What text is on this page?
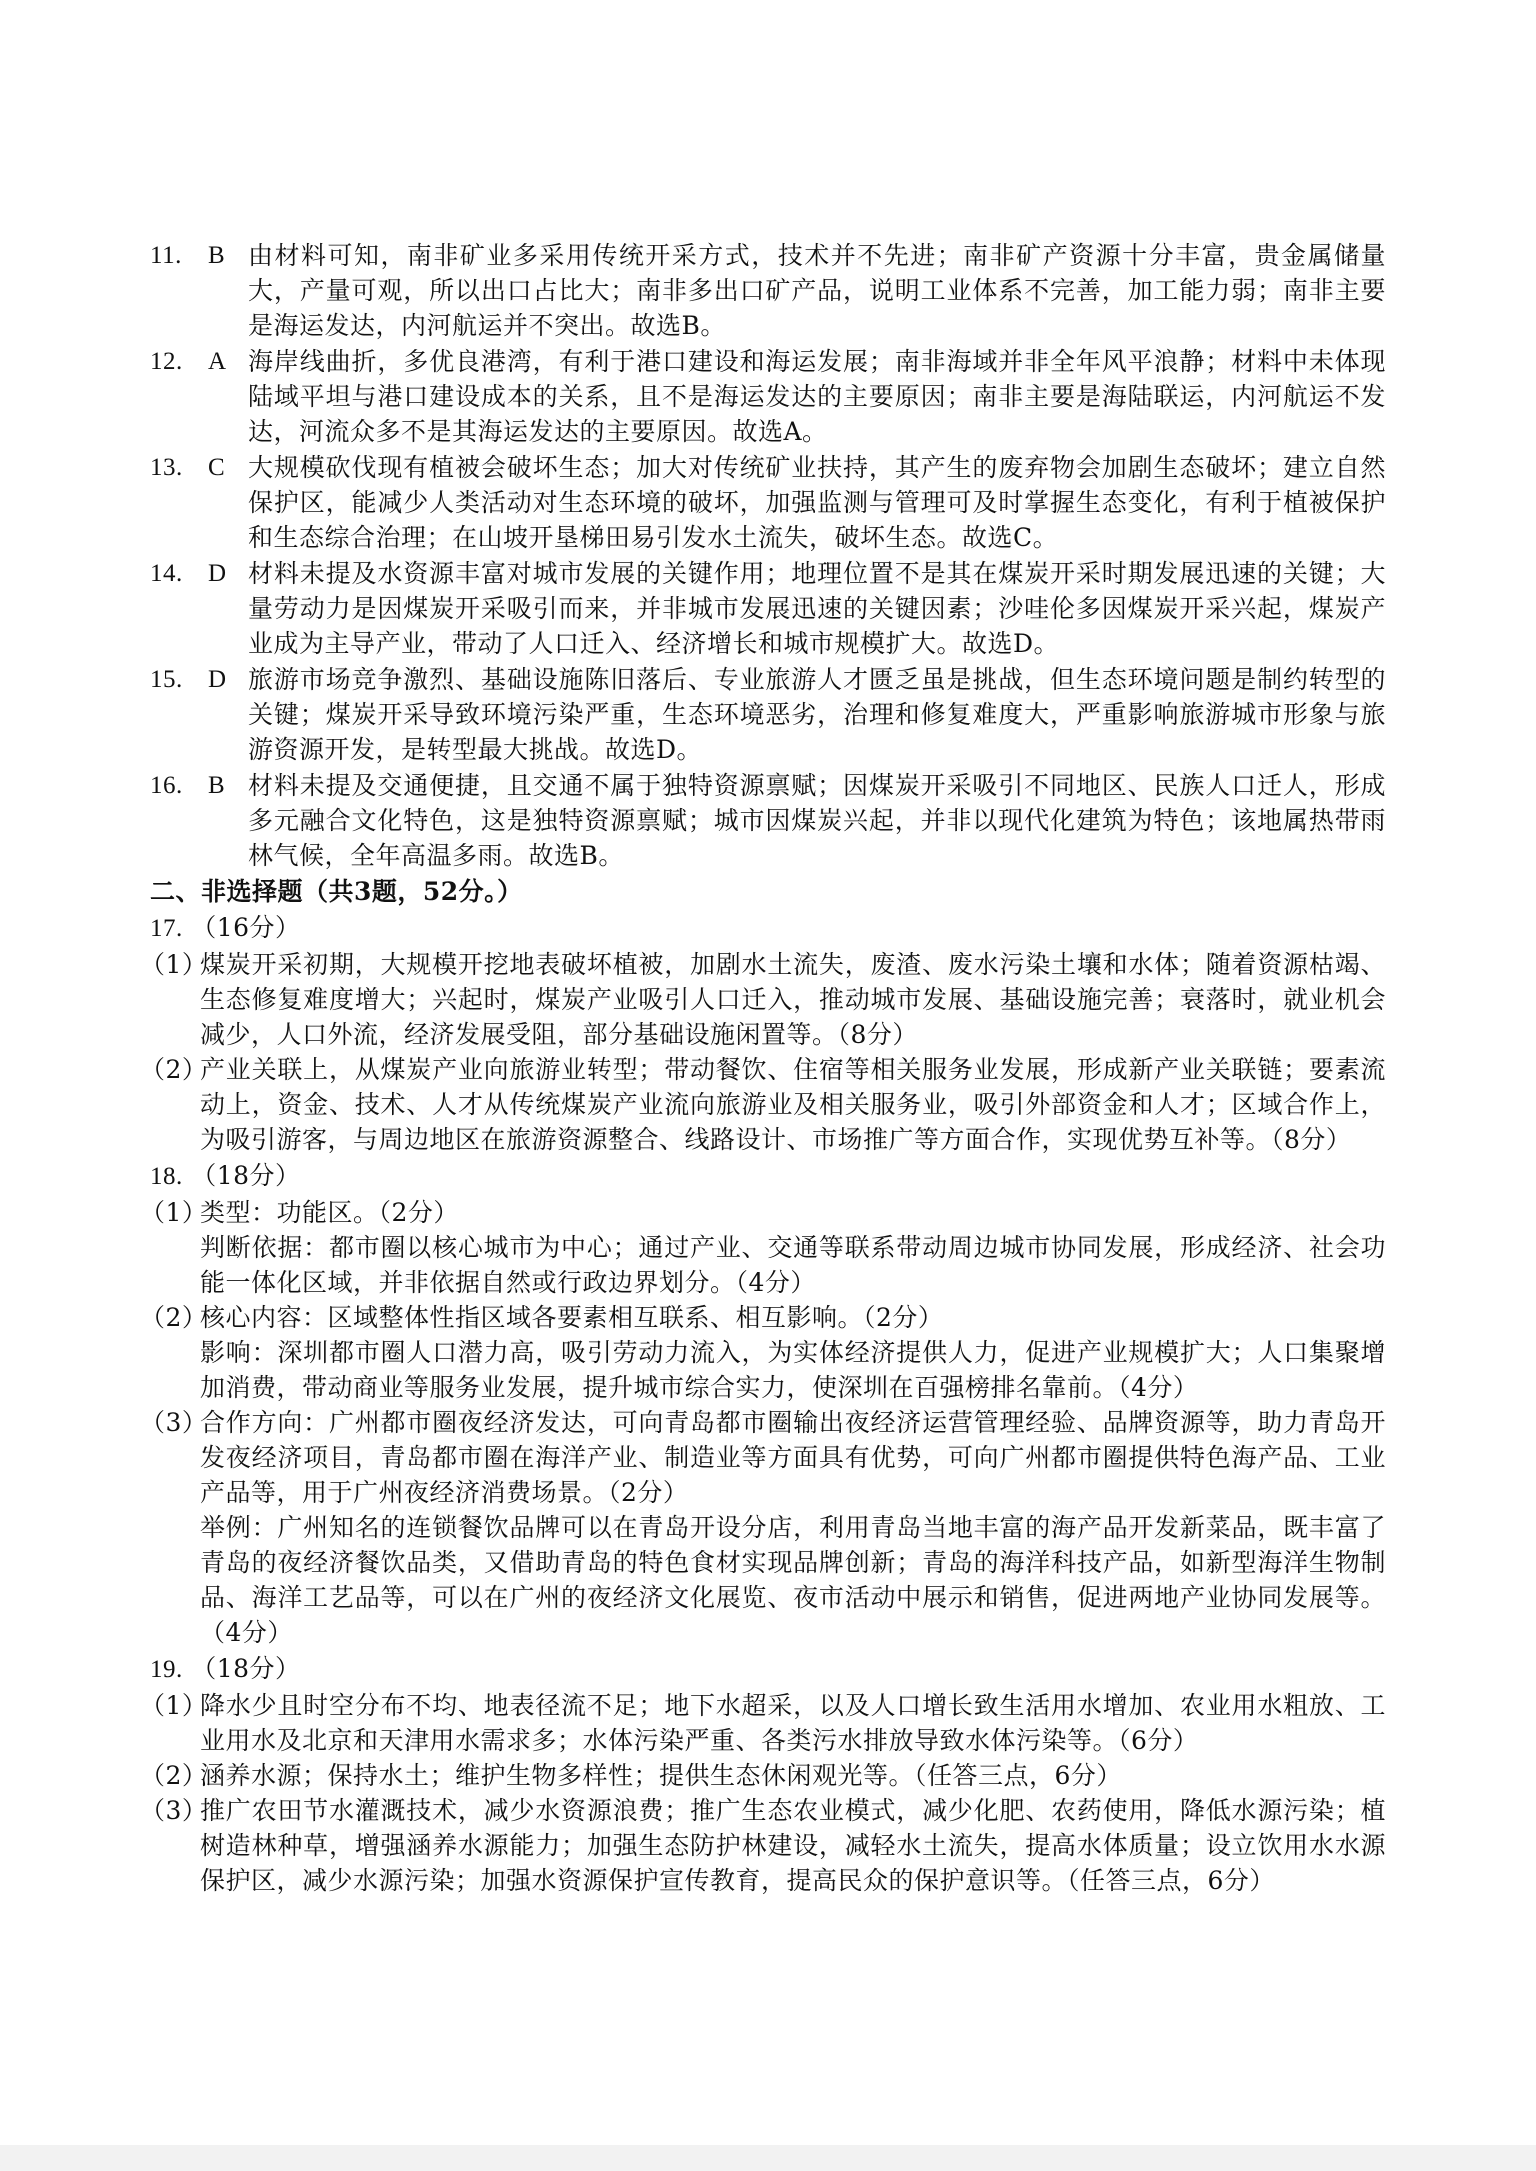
11.	B 由材料可知，南非矿业多采用传统开采方式，技术并不先进；南非矿产资源十分丰富，贵金属储量大，产量可观，所以出口占比大；南非多出口矿产品，说明工业体系不完善，加工能力弱；南非主要是海运发达，内河航运并不突出。故选B。
12.	A 海岸线曲折，多优良港湾，有利于港口建设和海运发展；南非海域并非全年风平浪静；材料中未体现陆域平坦与港口建设成本的关系，且不是海运发达的主要原因；南非主要是海陆联运，内河航运不发达，河流众多不是其海运发达的主要原因。故选A。
13.	C 大规模砍伐现有植被会破坏生态；加大对传统矿业扶持，其产生的废弃物会加剧生态破坏；建立自然保护区，能减少人类活动对生态环境的破坏，加强监测与管理可及时掌握生态变化，有利于植被保护和生态综合治理；在山坡开垦梯田易引发水土流失，破坏生态。故选C。
14.	D 材料未提及水资源丰富对城市发展的关键作用；地理位置不是其在煤炭开采时期发展迅速的关键；大量劳动力是因煤炭开采吸引而来，并非城市发展迅速的关键因素；沙哇伦多因煤炭开采兴起，煤炭产业成为主导产业，带动了人口迁入、经济增长和城市规模扩大。故选D。
15.	D 旅游市场竞争激烈、基础设施陈旧落后、专业旅游人才匮乏虽是挑战，但生态环境问题是制约转型的关键；煤炭开采导致环境污染严重，生态环境恶劣，治理和修复难度大，严重影响旅游城市形象与旅游资源开发，是转型最大挑战。故选D。
16.	B 材料未提及交通便捷，且交通不属于独特资源禀赋；因煤炭开采吸引不同地区、民族人口迁人，形成多元融合文化特色，这是独特资源禀赋；城市因煤炭兴起，并非以现代化建筑为特色；该地属热带雨林气候，全年高温多雨。故选B。
二、非选择题（共3题，52分。）
17. （16分）
（1）
煤炭开采初期，大规模开挖地表破坏植被，加剧水土流失，废渣、废水污染土壤和水体；随着资源枯竭、生态修复难度增大；兴起时，煤炭产业吸引人口迁入，推动城市发展、基础设施完善；衰落时，就业机会减少，人口外流，经济发展受阻，部分基础设施闲置等。（8分）
（2）
产业关联上，从煤炭产业向旅游业转型；带动餐饮、住宿等相关服务业发展，形成新产业关联链；要素流动上，资金、技术、人才从传统煤炭产业流向旅游业及相关服务业，吸引外部资金和人才；区域合作上，为吸引游客，与周边地区在旅游资源整合、线路设计、市场推广等方面合作，实现优势互补等。（8分）
18. （18分）
（1）
类型：功能区。（2分）
判断依据：都市圈以核心城市为中心；通过产业、交通等联系带动周边城市协同发展，形成经济、社会功能一体化区域，并非依据自然或行政边界划分。（4分）
（2）
核心内容：区域整体性指区域各要素相互联系、相互影响。（2分）
影响：深圳都市圈人口潜力高，吸引劳动力流入，为实体经济提供人力，促进产业规模扩大；人口集聚增加消费，带动商业等服务业发展，提升城市综合实力，使深圳在百强榜排名靠前。（4分）
（3）
合作方向：广州都市圈夜经济发达，可向青岛都市圈输出夜经济运营管理经验、品牌资源等，助力青岛开发夜经济项目，青岛都市圈在海洋产业、制造业等方面具有优势，可向广州都市圈提供特色海产品、工业产品等，用于广州夜经济消费场景。（2分）
举例：广州知名的连锁餐饮品牌可以在青岛开设分店，利用青岛当地丰富的海产品开发新菜品，既丰富了青岛的夜经济餐饮品类，又借助青岛的特色食材实现品牌创新；青岛的海洋科技产品，如新型海洋生物制品、海洋工艺品等，可以在广州的夜经济文化展览、夜市活动中展示和销售，促进两地产业协同发展等。（4分）
19. （18分）
（1）
降水少且时空分布不均、地表径流不足；地下水超采，以及人口增长致生活用水增加、农业用水粗放、工业用水及北京和天津用水需求多；水体污染严重、各类污水排放导致水体污染等。（6分）
（2）
涵养水源；保持水土；维护生物多样性；提供生态休闲观光等。（任答三点，6分）
（3）
推广农田节水灌溉技术，减少水资源浪费；推广生态农业模式，减少化肥、农药使用，降低水源污染；植树造林种草，增强涵养水源能力；加强生态防护林建设，减轻水土流失，提高水体质量；设立饮用水水源保护区，减少水源污染；加强水资源保护宣传教育，提高民众的保护意识等。（任答三点，6分）
